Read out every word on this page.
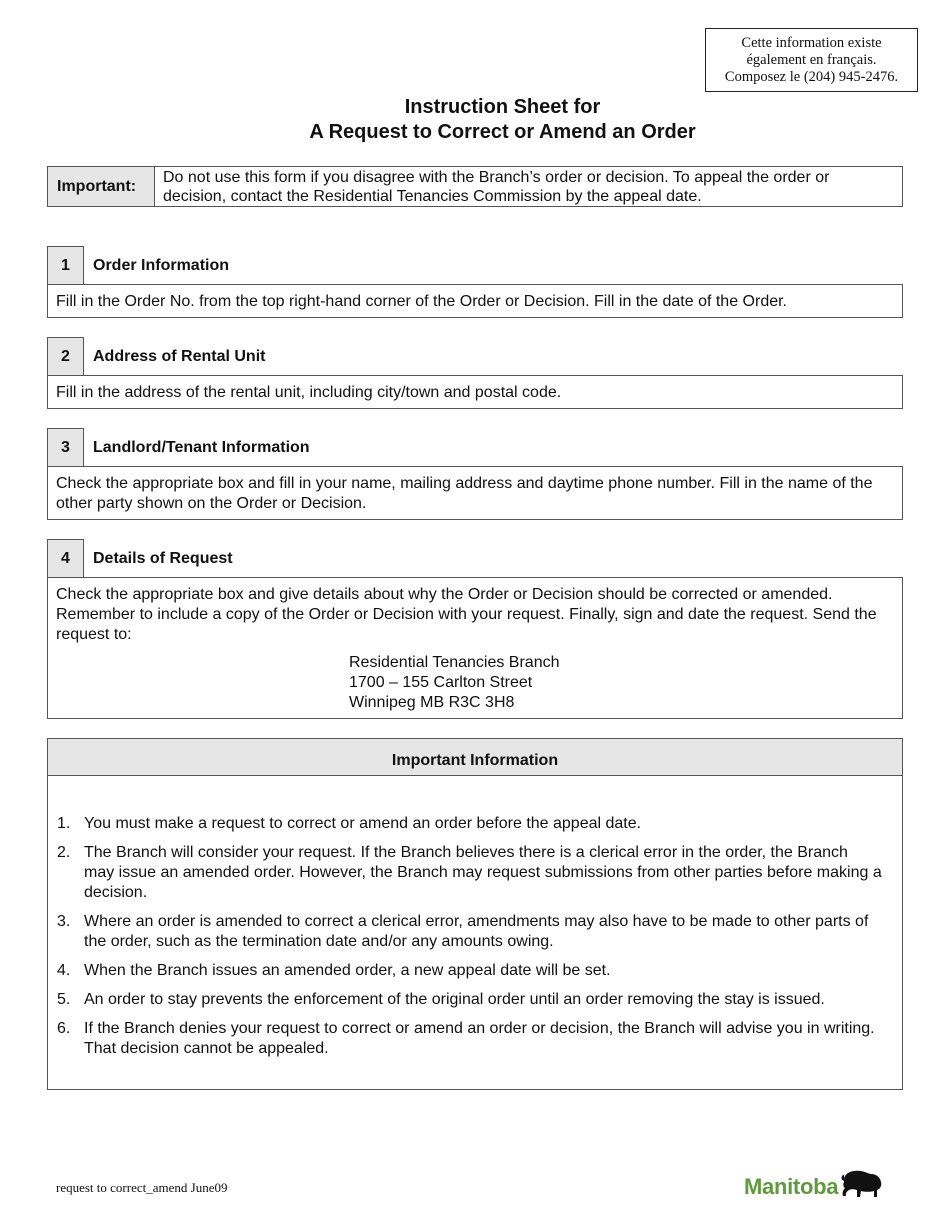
Cette information existe
également en français.
Composez le (204) 945-2476.
Instruction Sheet for
A Request to Correct or Amend an Order
Important:	Do not use this form if you disagree with the Branch’s order or decision. To appeal the order or decision, contact the Residential Tenancies Commission by the appeal date.
1	Order Information
Fill in the Order No. from the top right-hand corner of the Order or Decision. Fill in the date of the Order.
2	Address of Rental Unit
Fill in the address of the rental unit, including city/town and postal code.
3	Landlord/Tenant Information
Check the appropriate box and fill in your name, mailing address and daytime phone number. Fill in the name of the other party shown on the Order or Decision.
4	Details of Request
Check the appropriate box and give details about why the Order or Decision should be corrected or amended. Remember to include a copy of the Order or Decision with your request. Finally, sign and date the request. Send the request to:
Residential Tenancies Branch
1700 – 155 Carlton Street
Winnipeg MB R3C 3H8
Important Information
1. You must make a request to correct or amend an order before the appeal date.
2. The Branch will consider your request. If the Branch believes there is a clerical error in the order, the Branch may issue an amended order. However, the Branch may request submissions from other parties before making a decision.
3. Where an order is amended to correct a clerical error, amendments may also have to be made to other parts of the order, such as the termination date and/or any amounts owing.
4. When the Branch issues an amended order, a new appeal date will be set.
5. An order to stay prevents the enforcement of the original order until an order removing the stay is issued.
6. If the Branch denies your request to correct or amend an order or decision, the Branch will advise you in writing. That decision cannot be appealed.
request to correct_amend June09	Manitoba
